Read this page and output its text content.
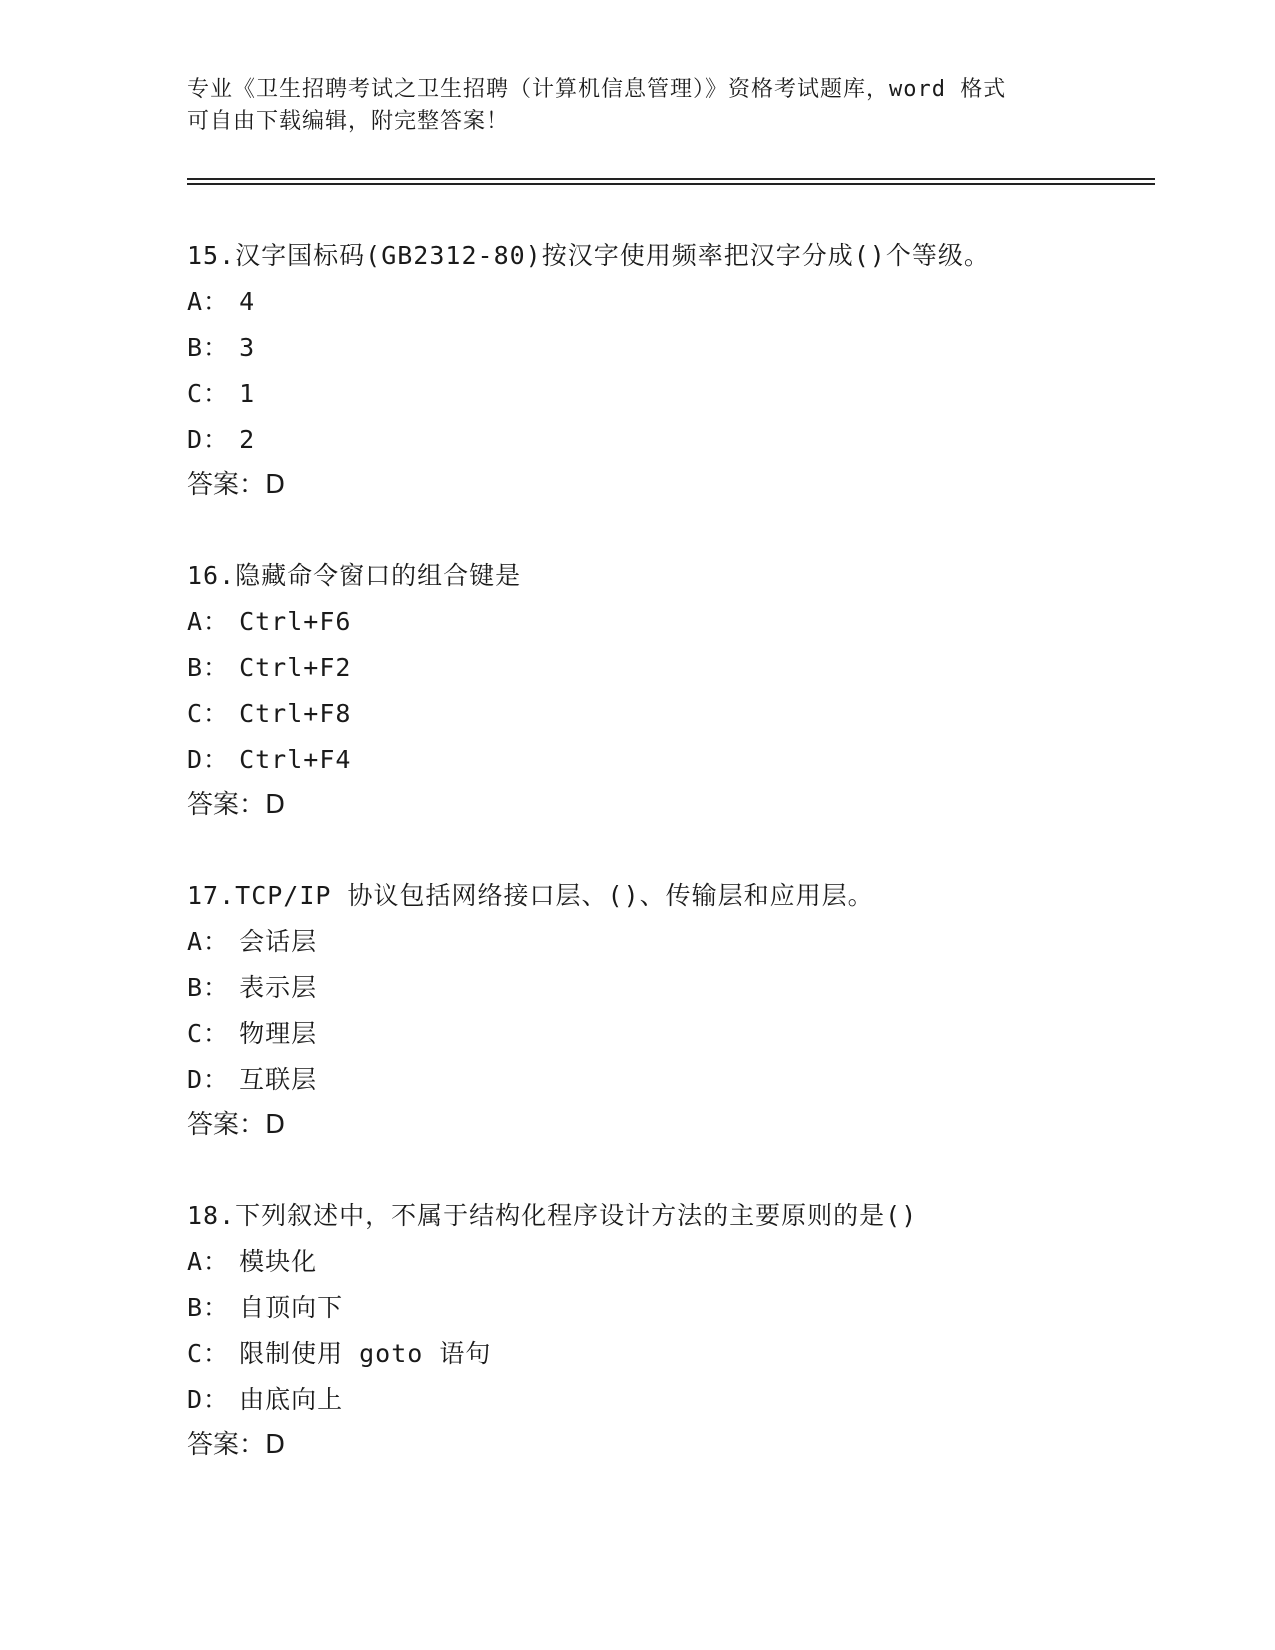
专业《卫生招聘考试之卫生招聘（计算机信息管理）》资格考试题库，word 格式
可自由下载编辑，附完整答案！
15.汉字国标码(GB2312-80)按汉字使用频率把汉字分成()个等级。
A： 4
B： 3
C： 1
D： 2
答案：D
16.隐藏命令窗口的组合键是
A： Ctrl+F6
B： Ctrl+F2
C： Ctrl+F8
D： Ctrl+F4
答案：D
17.TCP/IP 协议包括网络接口层、()、传输层和应用层。
A： 会话层
B： 表示层
C： 物理层
D： 互联层
答案：D
18.下列叙述中，不属于结构化程序设计方法的主要原则的是()
A： 模块化
B： 自顶向下
C： 限制使用 goto 语句
D： 由底向上
答案：D
